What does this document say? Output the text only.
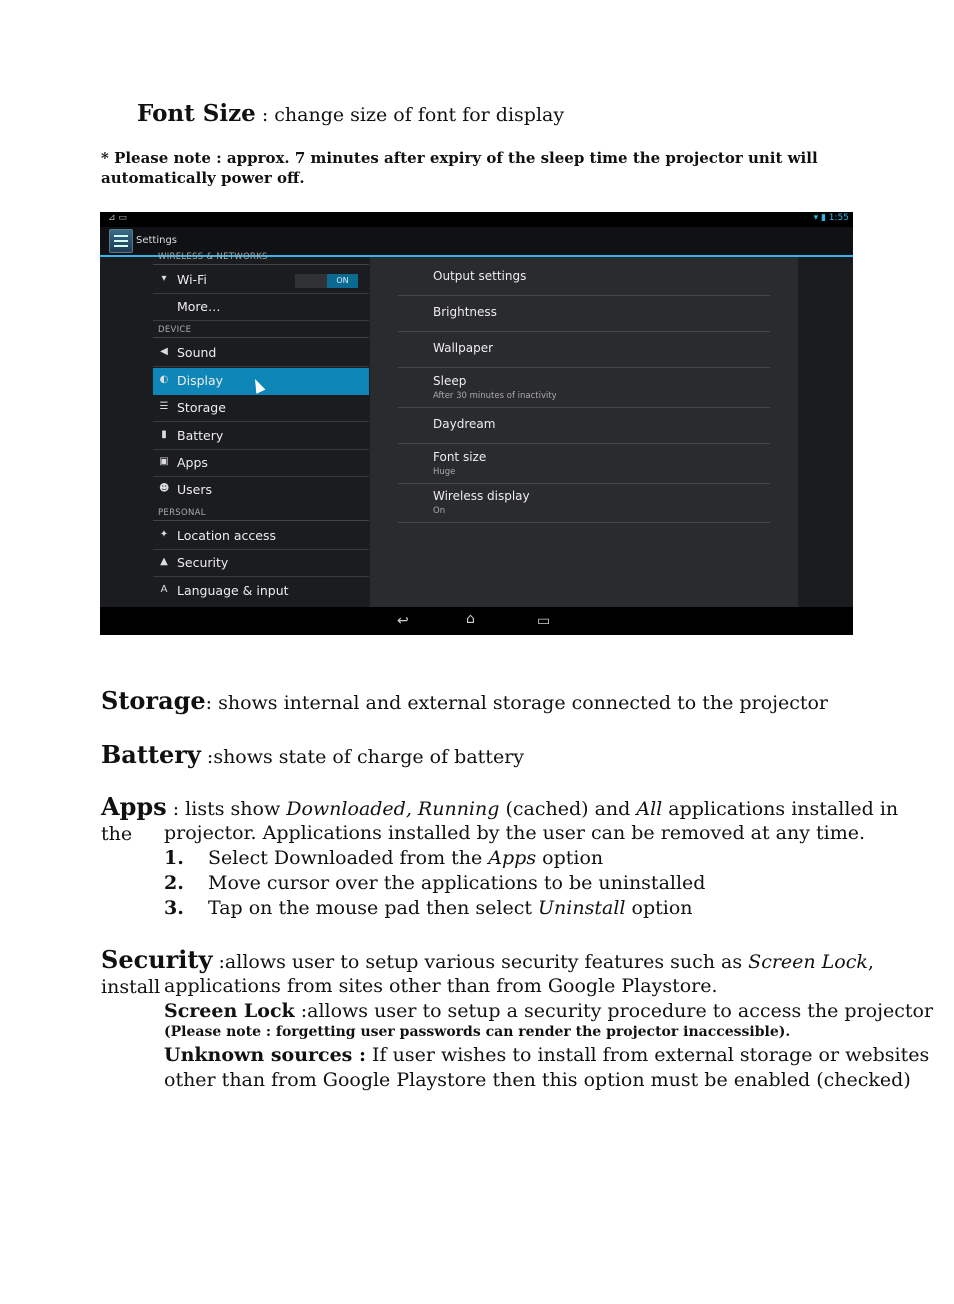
Font Size : change size of font for display
* Please note : approx. 7 minutes after expiry of the sleep time the projector unit will automatically power off.
⊿ ▭	▾ ▮ 1:55
Settings
WIRELESS & NETWORKS
▾ Wi-Fi	ON
More…
DEVICE
◀ Sound
◐ Display
☰ Storage
▮ Battery
▣ Apps
☻ Users
PERSONAL
✦ Location access
▲ Security
A Language & input
Output settings
Brightness
Wallpaper
Sleep
After 30 minutes of inactivity
Daydream
Font size
Huge
Wireless display
On
↩	⌂	▭
Storage: shows internal and external storage connected to the projector
Battery :shows state of charge of battery
Apps : lists show Downloaded, Running (cached) and All applications installed in the	projector. Applications installed by the user can be removed at any time.
1. Select Downloaded from the Apps option
2. Move cursor over the applications to be uninstalled
3. Tap on the mouse pad then select Uninstall option
Security :allows user to setup various security features such as Screen Lock, install applications from sites other than from Google Playstore.
Screen Lock :allows user to setup a security procedure to access the projector
(Please note : forgetting user passwords can render the projector inaccessible).
Unknown sources : If user wishes to install from external storage or websites
other than from Google Playstore then this option must be enabled (checked)
